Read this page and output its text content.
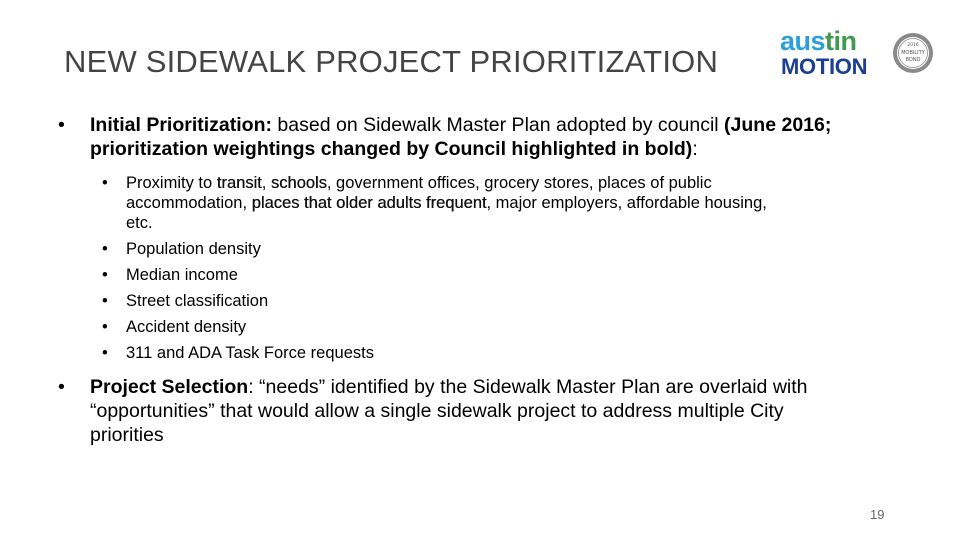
NEW SIDEWALK PROJECT PRIORITIZATION
austin
MOTION
2016
MOBILITY
BOND
• Initial Prioritization: based on Sidewalk Master Plan adopted by council (June 2016; prioritization weightings changed by Council highlighted in bold):
• Proximity to transit, schools, government offices, grocery stores, places of public accommodation, places that older adults frequent, major employers, affordable housing, etc.
• Population density
• Median income
• Street classification
• Accident density
• 311 and ADA Task Force requests
• Project Selection: “needs” identified by the Sidewalk Master Plan are overlaid with “opportunities” that would allow a single sidewalk project to address multiple City priorities
19
